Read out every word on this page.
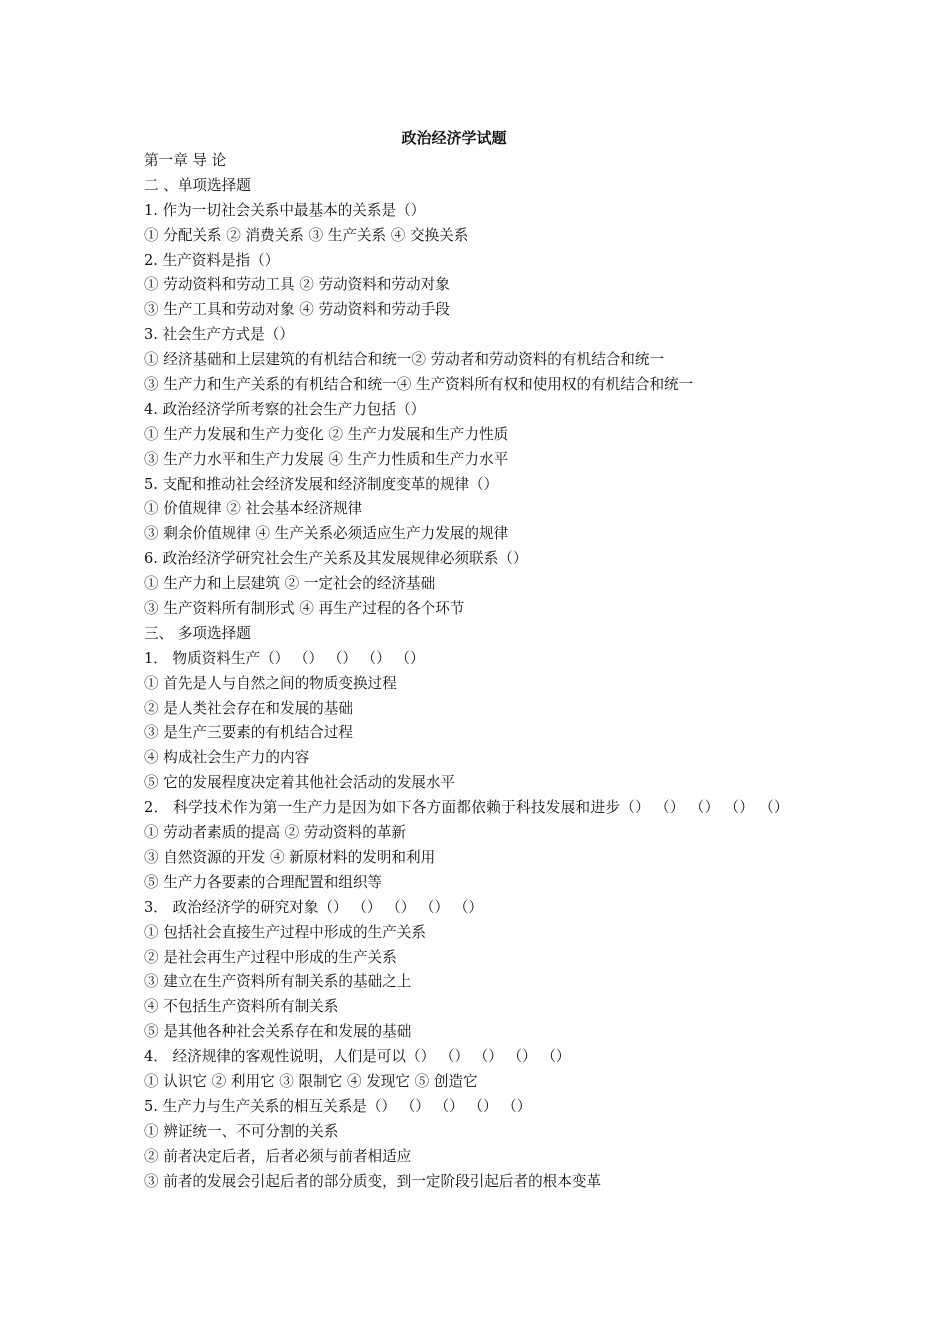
政治经济学试题
第一章 导 论
二 、单项选择题
1. 作为一切社会关系中最基本的关系是（）
① 分配关系 ② 消费关系 ③ 生产关系 ④ 交换关系
2. 生产资料是指（）
① 劳动资料和劳动工具 ② 劳动资料和劳动对象
③ 生产工具和劳动对象 ④ 劳动资料和劳动手段
3. 社会生产方式是（）
① 经济基础和上层建筑的有机结合和统一② 劳动者和劳动资料的有机结合和统一
③ 生产力和生产关系的有机结合和统一④ 生产资料所有权和使用权的有机结合和统一
4. 政治经济学所考察的社会生产力包括（）
① 生产力发展和生产力变化 ② 生产力发展和生产力性质
③ 生产力水平和生产力发展 ④ 生产力性质和生产力水平
5. 支配和推动社会经济发展和经济制度变革的规律（）
① 价值规律 ② 社会基本经济规律
③ 剩余价值规律 ④ 生产关系必须适应生产力发展的规律
6. 政治经济学研究社会生产关系及其发展规律必须联系（）
① 生产力和上层建筑 ② 一定社会的经济基础
③ 生产资料所有制形式 ④ 再生产过程的各个环节
三、 多项选择题
1． 物质资料生产（） （） （） （） （）
① 首先是人与自然之间的物质变换过程
② 是人类社会存在和发展的基础
③ 是生产三要素的有机结合过程
④ 构成社会生产力的内容
⑤ 它的发展程度决定着其他社会活动的发展水平
2． 科学技术作为第一生产力是因为如下各方面都依赖于科技发展和进步（） （） （） （） （）
① 劳动者素质的提高 ② 劳动资料的革新
③ 自然资源的开发 ④ 新原材料的发明和利用
⑤ 生产力各要素的合理配置和组织等
3． 政治经济学的研究对象（） （） （） （） （）
① 包括社会直接生产过程中形成的生产关系
② 是社会再生产过程中形成的生产关系
③ 建立在生产资料所有制关系的基础之上
④ 不包括生产资料所有制关系
⑤ 是其他各种社会关系存在和发展的基础
4． 经济规律的客观性说明，人们是可以（） （） （） （） （）
① 认识它 ② 利用它 ③ 限制它 ④ 发现它 ⑤ 创造它
5. 生产力与生产关系的相互关系是（） （） （） （） （）
① 辨证统一、不可分割的关系
② 前者决定后者，后者必须与前者相适应
③ 前者的发展会引起后者的部分质变，到一定阶段引起后者的根本变革
